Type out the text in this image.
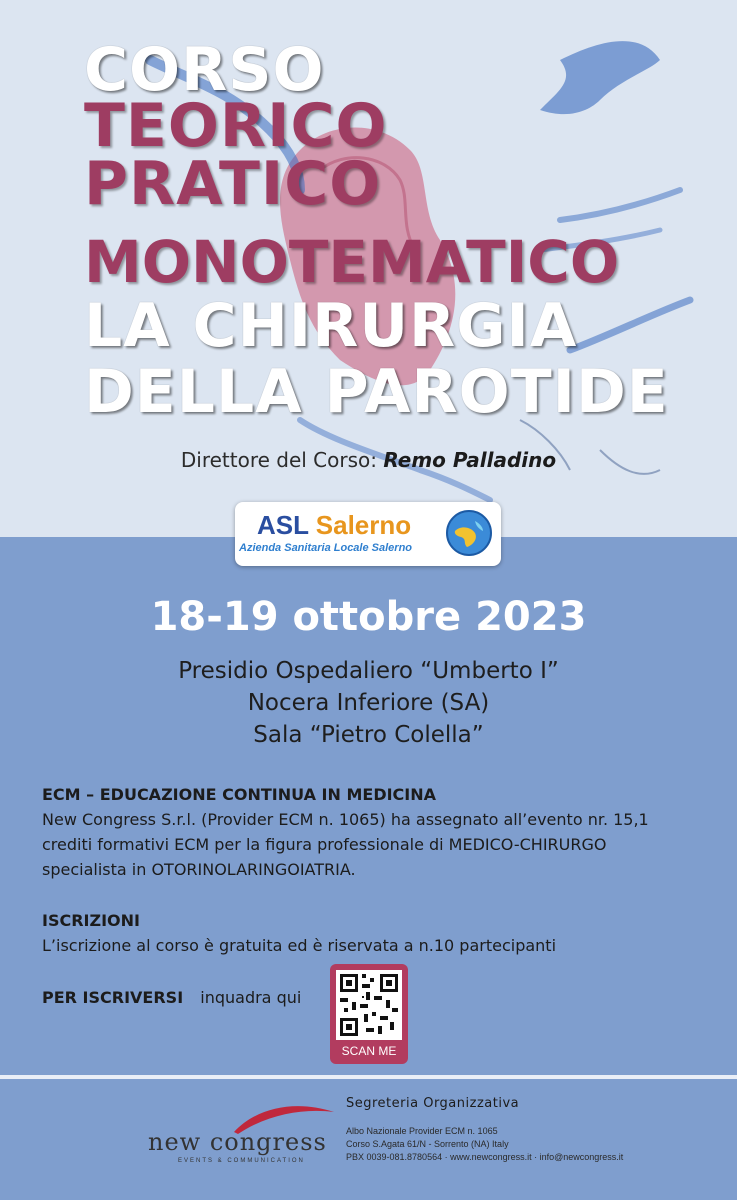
CORSO
TEORICO
PRATICO
MONOTEMATICO
LA CHIRURGIA
DELLA PAROTIDE
Direttore del Corso: Remo Palladino
ASL Salerno
Azienda Sanitaria Locale Salerno
18-19 ottobre 2023
Presidio Ospedaliero “Umberto I”
Nocera Inferiore (SA)
Sala “Pietro Colella”
ECM – EDUCAZIONE CONTINUA IN MEDICINA
New Congress S.r.l. (Provider ECM n. 1065) ha assegnato all’evento nr. 15,1
crediti formativi ECM per la figura professionale di MEDICO-CHIRURGO
specialista in OTORINOLARINGOIATRIA.
ISCRIZIONI
L’iscrizione al corso è gratuita ed è riservata a n.10 partecipanti
PER ISCRIVERSI inquadra qui
SCAN ME
new congress
EVENTS & COMMUNICATION
Segreteria Organizzativa
Albo Nazionale Provider ECM n. 1065
Corso S.Agata 61/N - Sorrento (NA) Italy
PBX 0039-081.8780564 · www.newcongress.it · info@newcongress.it
